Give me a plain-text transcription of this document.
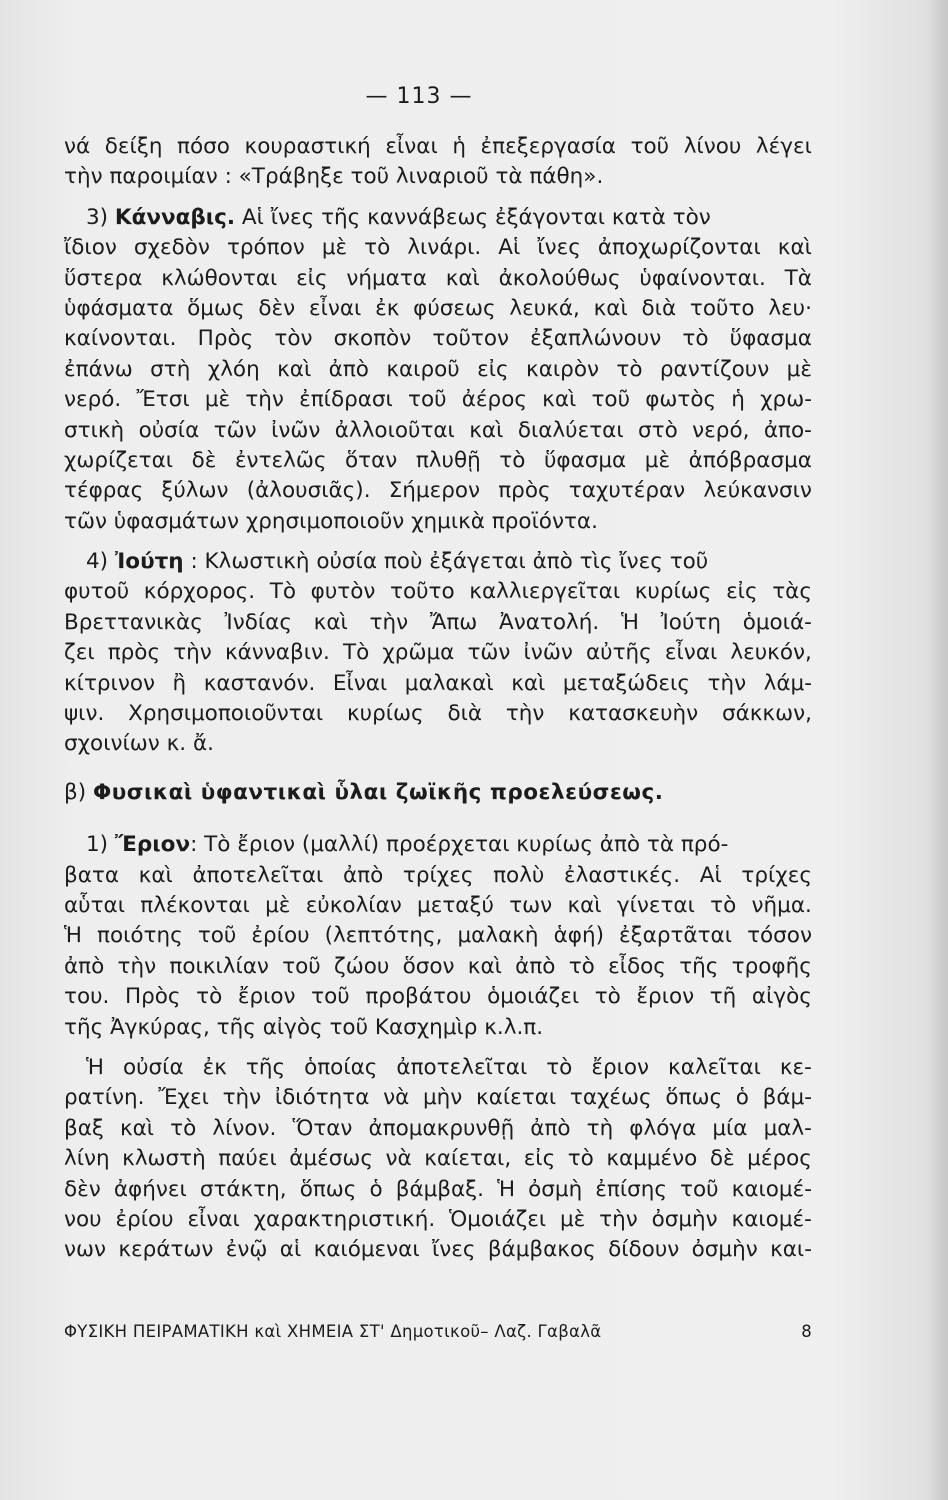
— 113 —
νά δείξη πόσο κουραστική εἶναι ἡ ἐπεξεργασία τοῦ λίνου λέγει
τὴν παροιμίαν : «Τράβηξε τοῦ λιναριοῦ τὰ πάθη».
3) Κάνναβις. Αἱ ἴνες τῆς καννάβεως ἐξάγονται κατὰ τὸν
ἴδιον σχεδὸν τρόπον μὲ τὸ λινάρι. Αἱ ἴνες ἀποχωρίζονται καὶ
ὕστερα κλώθονται εἰς νήματα καὶ ἀκολούθως ὑφαίνονται. Τὰ
ὑφάσματα ὅμως δὲν εἶναι ἐκ φύσεως λευκά, καὶ διὰ τοῦτο λευ·
καίνονται. Πρὸς τὸν σκοπὸν τοῦτον ἐξαπλώνουν τὸ ὕφασμα
ἐπάνω στὴ χλόη καὶ ἀπὸ καιροῦ εἰς καιρὸν τὸ ραντίζουν μὲ
νερό. Ἔτσι μὲ τὴν ἐπίδρασι τοῦ ἀέρος καὶ τοῦ φωτὸς ἡ χρω-
στικὴ οὐσία τῶν ἰνῶν ἀλλοιοῦται καὶ διαλύεται στὸ νερό, ἀπο-
χωρίζεται δὲ ἐντελῶς ὅταν πλυθῇ τὸ ὕφασμα μὲ ἀπόβρασμα
τέφρας ξύλων (ἀλουσιᾶς). Σήμερον πρὸς ταχυτέραν λεύκανσιν
τῶν ὑφασμάτων χρησιμοποιοῦν χημικὰ προϊόντα.
4) Ἰούτη : Κλωστικὴ οὐσία ποὺ ἐξάγεται ἀπὸ τὶς ἴνες τοῦ
φυτοῦ κόρχορος. Τὸ φυτὸν τοῦτο καλλιεργεῖται κυρίως εἰς τὰς
Βρεττανικὰς Ἰνδίας καὶ τὴν Ἄπω Ἀνατολή. Ἡ Ἰούτη ὁμοιά-
ζει πρὸς τὴν κάνναβιν. Τὸ χρῶμα τῶν ἰνῶν αὐτῆς εἶναι λευκόν,
κίτρινον ἢ καστανόν. Εἶναι μαλακαὶ καὶ μεταξώδεις τὴν λάμ-
ψιν. Χρησιμοποιοῦνται κυρίως διὰ τὴν κατασκευὴν σάκκων,
σχοινίων κ. ἄ.
β) Φυσικαὶ ὑφαντικαὶ ὗλαι ζωϊκῆς προελεύσεως.
1) Ἔριον: Τὸ ἔριον (μαλλί) προέρχεται κυρίως ἀπὸ τὰ πρό-
βατα καὶ ἀποτελεῖται ἀπὸ τρίχες πολὺ ἐλαστικές. Αἱ τρίχες
αὗται πλέκονται μὲ εὐκολίαν μεταξύ των καὶ γίνεται τὸ νῆμα.
Ἡ ποιότης τοῦ ἐρίου (λεπτότης, μαλακὴ ἁφή) ἐξαρτᾶται τόσον
ἀπὸ τὴν ποικιλίαν τοῦ ζώου ὅσον καὶ ἀπὸ τὸ εἶδος τῆς τροφῆς
του. Πρὸς τὸ ἔριον τοῦ προβάτου ὁμοιάζει τὸ ἔριον τῆ αἰγὸς
τῆς Ἀγκύρας, τῆς αἰγὸς τοῦ Κασχημὶρ κ.λ.π.
Ἡ οὐσία ἐκ τῆς ὁποίας ἀποτελεῖται τὸ ἔριον καλεῖται κε-
ρατίνη. Ἔχει τὴν ἰδιότητα νὰ μὴν καίεται ταχέως ὅπως ὁ βάμ-
βαξ καὶ τὸ λίνον. Ὅταν ἀπομακρυνθῇ ἀπὸ τὴ φλόγα μία μαλ-
λίνη κλωστὴ παύει ἀμέσως νὰ καίεται, εἰς τὸ καμμένο δὲ μέρος
δὲν ἀφήνει στάκτη, ὅπως ὁ βάμβαξ. Ἡ ὀσμὴ ἐπίσης τοῦ καιομέ-
νου ἐρίου εἶναι χαρακτηριστική. Ὁμοιάζει μὲ τὴν ὀσμὴν καιομέ-
νων κεράτων ἐνῷ αἱ καιόμεναι ἴνες βάμβακος δίδουν ὀσμὴν και-
ΦΥΣΙΚΗ ΠΕΙΡΑΜΑΤΙΚΗ καὶ ΧΗΜΕΙΑ ΣΤ' Δημοτικοῦ– Λαζ. Γαβαλᾶ	8
